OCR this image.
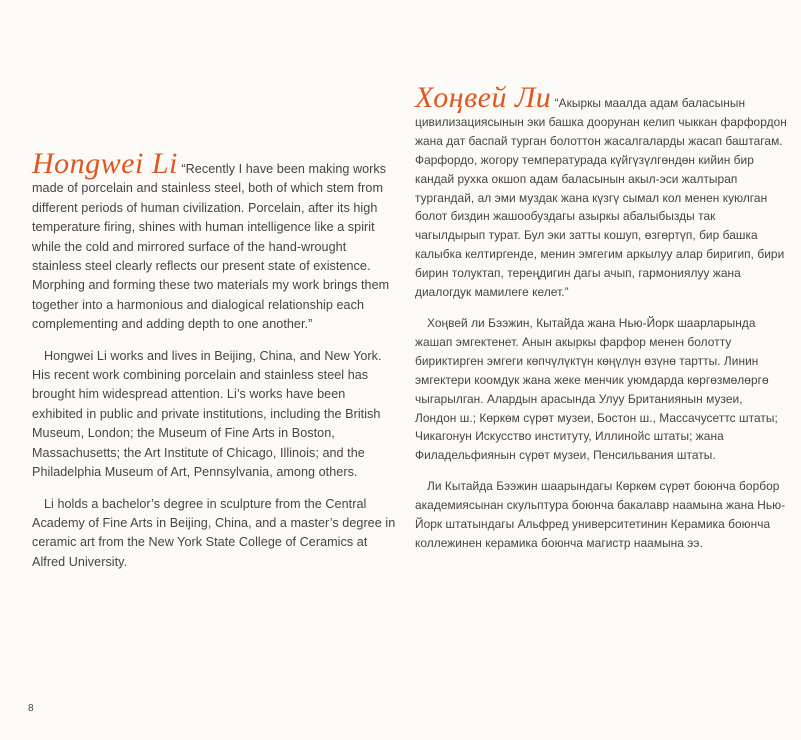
Hongwei Li “Recently I have been making works made of porcelain and stainless steel, both of which stem from different periods of human civilization. Porcelain, after its high temperature firing, shines with human intelligence like a spirit while the cold and mirrored surface of the hand-wrought stainless steel clearly reflects our present state of existence. Morphing and forming these two materials my work brings them together into a harmonious and dialogical relationship each complementing and adding depth to one another.”

Hongwei Li works and lives in Beijing, China, and New York. His recent work combining porcelain and stainless steel has brought him widespread attention. Li’s works have been exhibited in public and private institutions, including the British Museum, London; the Museum of Fine Arts in Boston, Massachusetts; the Art Institute of Chicago, Illinois; and the Philadelphia Museum of Art, Pennsylvania, among others.

Li holds a bachelor’s degree in sculpture from the Central Academy of Fine Arts in Beijing, China, and a master’s degree in ceramic art from the New York State College of Ceramics at Alfred University.

Хоңвей Ли “Акыркы маалда адам баласынын цивилизациясынын эки башка доорунан келип чыккан фарфордон жана дат баспай турган болоттон жасалгаларды жасап баштагам. Фарфордо, жогору температурада күйгүзүлгөндөн кийин бир кандай рухка окшоп адам баласынын акыл-эси жалтырап тургандай, ал эми муздак жана күзгү сымал кол менен куюлган болот биздин жашообуздагы азыркы абалыбызды так чагылдырып турат. Бул эки затты кошуп, өзгөртүп, бир башка калыбка келтиргенде, менин эмгегим аркылуу алар биригип, бири бирин толуктап, тереңдигин дагы ачып, гармониялуу жана диалогдук мамилеге келет.”

Хоңвей ли Бээжин, Кытайда жана Нью-Йорк шаарларында жашап эмгектенет. Анын акыркы фарфор менен болотту бириктирген эмгеги көпчүлүктүн көңүлүн өзүнө тартты. Линин эмгектери коомдук жана жеке менчик уюмдарда көргөзмөлөргө чыгарылган. Алардын арасында Улуу Британиянын музеи, Лондон ш.; Көркөм сүрөт музеи, Бостон ш., Массачусеттс штаты; Чикагонун Искусство институту, Иллинойс штаты; жана Филадельфиянын сүрөт музеи, Пенсильвания штаты.

Ли Кытайда Бээжин шаарындагы Көркөм сүрөт боюнча борбор академиясынан скульптура боюнча бакалавр наамына жана Нью-Йорк штатындагы Альфред университетинин Керамика боюнча коллежинен керамика боюнча магистр наамына ээ.

8
